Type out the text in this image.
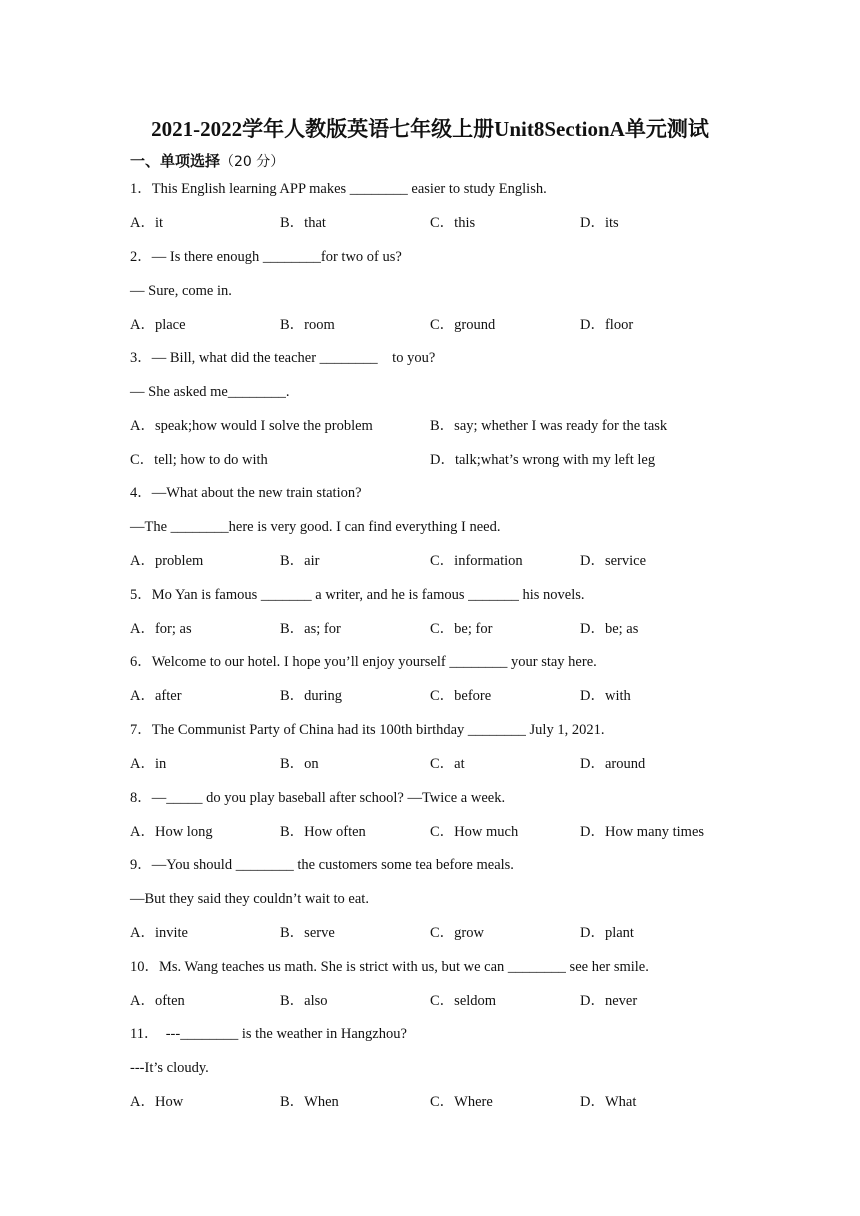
2021-2022学年人教版英语七年级上册Unit8SectionA单元测试
一、单项选择（20 分）
1．This English learning APP makes ________ easier to study English.
A．it	B．that	C．this	D．its
2．— Is there enough ________for two of us?
— Sure, come in.
A．place	B．room	C．ground	D．floor
3．— Bill, what did the teacher ________    to you?
— She asked me________.
A．speak;how would I solve the problem	B．say; whether I was ready for the task
C．tell; how to do with	D．talk;what’s wrong with my left leg
4．—What about the new train station?
—The ________here is very good. I can find everything I need.
A．problem	B．air	C．information	D．service
5．Mo Yan is famous _______ a writer, and he is famous _______ his novels.
A．for; as	B．as; for	C．be; for	D．be; as
6．Welcome to our hotel. I hope you’ll enjoy yourself ________ your stay here.
A．after	B．during	C．before	D．with
7．The Communist Party of China had its 100th birthday ________ July 1, 2021.
A．in	B．on	C．at	D．around
8．—_____ do you play baseball after school? —Twice a week.
A．How long	B．How often	C．How much	D．How many times
9．—You should ________ the customers some tea before meals.
—But they said they couldn’t wait to eat.
A．invite	B．serve	C．grow	D．plant
10．Ms. Wang teaches us math. She is strict with us, but we can ________ see her smile.
A．often	B．also	C．seldom	D．never
11．  ---________ is the weather in Hangzhou?
---It’s cloudy.
A．How	B．When	C．Where	D．What
